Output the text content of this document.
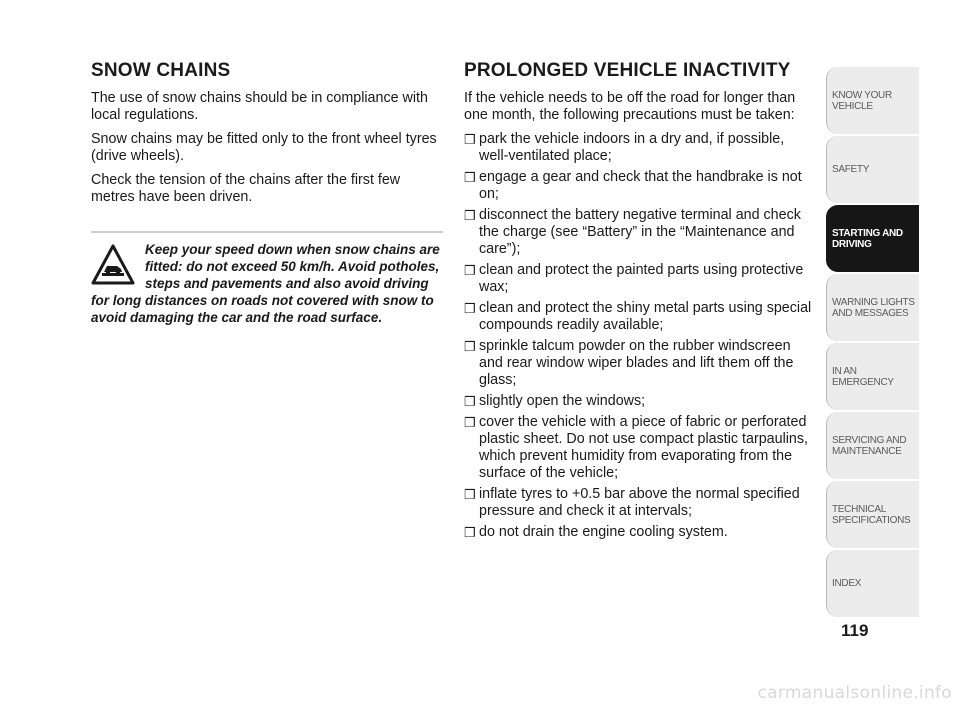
SNOW CHAINS

The use of snow chains should be in compliance with local regulations.

Snow chains may be fitted only to the front wheel tyres (drive wheels).

Check the tension of the chains after the first few metres have been driven.

Keep your speed down when snow chains are fitted: do not exceed 50 km/h. Avoid potholes, steps and pavements and also avoid driving for long distances on roads not covered with snow to avoid damaging the car and the road surface.
PROLONGED VEHICLE INACTIVITY

If the vehicle needs to be off the road for longer than one month, the following precautions must be taken:

❒ park the vehicle indoors in a dry and, if possible, well-ventilated place;
❒ engage a gear and check that the handbrake is not on;
❒ disconnect the battery negative terminal and check the charge (see “Battery” in the “Maintenance and care”);
❒ clean and protect the painted parts using protective wax;
❒ clean and protect the shiny metal parts using special compounds readily available;
❒ sprinkle talcum powder on the rubber windscreen and rear window wiper blades and lift them off the glass;
❒ slightly open the windows;
❒ cover the vehicle with a piece of fabric or perforated plastic sheet. Do not use compact plastic tarpaulins, which prevent humidity from evaporating from the surface of the vehicle;
❒ inflate tyres to +0.5 bar above the normal specified pressure and check it at intervals;
❒ do not drain the engine cooling system.
KNOW YOUR
VEHICLE
SAFETY
STARTING AND
DRIVING
WARNING LIGHTS
AND MESSAGES
IN AN EMERGENCY
SERVICING AND
MAINTENANCE
TECHNICAL
SPECIFICATIONS
INDEX
119
carmanualsonline.info
